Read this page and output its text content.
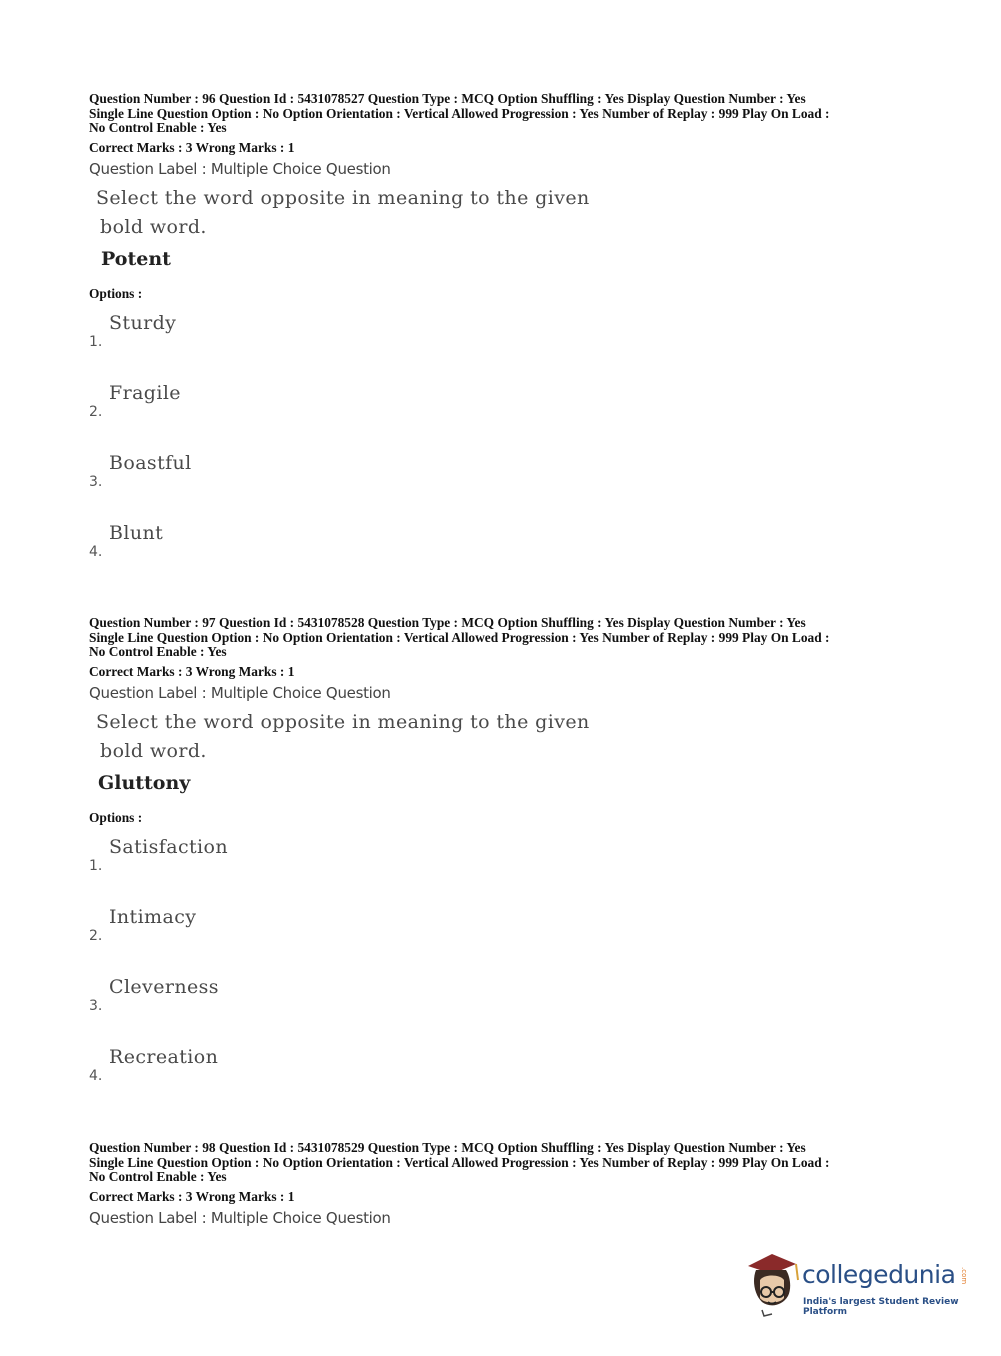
Question Number : 96 Question Id : 5431078527 Question Type : MCQ Option Shuffling : Yes Display Question Number : Yes
Single Line Question Option : No Option Orientation : Vertical Allowed Progression : Yes Number of Replay : 999 Play On Load :
No Control Enable : Yes
Correct Marks : 3 Wrong Marks : 1
Question Label : Multiple Choice Question
Select the word opposite in meaning to the given
bold word.
Potent
Options :
1.
Sturdy
2.
Fragile
3.
Boastful
4.
Blunt
Question Number : 97 Question Id : 5431078528 Question Type : MCQ Option Shuffling : Yes Display Question Number : Yes
Single Line Question Option : No Option Orientation : Vertical Allowed Progression : Yes Number of Replay : 999 Play On Load :
No Control Enable : Yes
Correct Marks : 3 Wrong Marks : 1
Question Label : Multiple Choice Question
Select the word opposite in meaning to the given
bold word.
Gluttony
Options :
1.
Satisfaction
2.
Intimacy
3.
Cleverness
4.
Recreation
Question Number : 98 Question Id : 5431078529 Question Type : MCQ Option Shuffling : Yes Display Question Number : Yes
Single Line Question Option : No Option Orientation : Vertical Allowed Progression : Yes Number of Replay : 999 Play On Load :
No Control Enable : Yes
Correct Marks : 3 Wrong Marks : 1
Question Label : Multiple Choice Question
collegedunia .com
India's largest Student Review Platform
